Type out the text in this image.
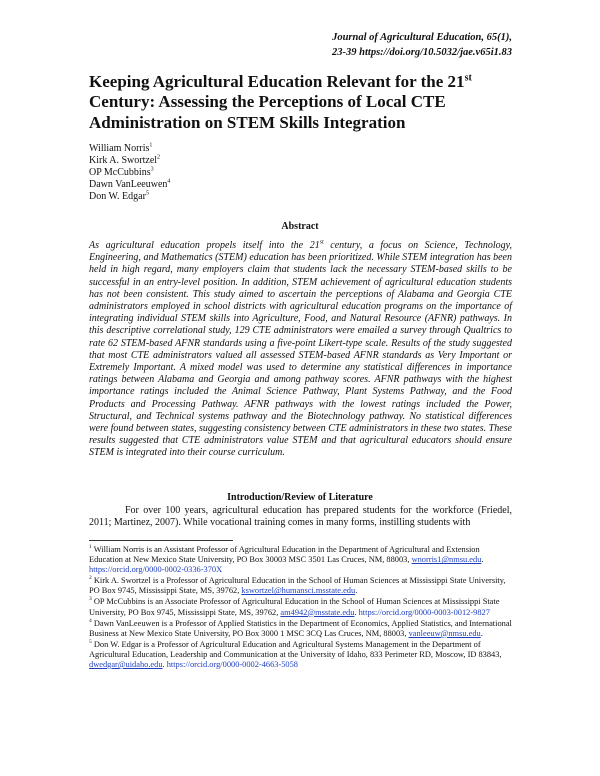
Journal of Agricultural Education, 65(1),
23-39 https://doi.org/10.5032/jae.v65i1.83
Keeping Agricultural Education Relevant for the 21st Century: Assessing the Perceptions of Local CTE Administration on STEM Skills Integration
William Norris$^1$
Kirk A. Swortzel$^2$
OP McCubbins$^3$
Dawn VanLeeuwen$^4$
Don W. Edgar$^5$
Abstract

As agricultural education propels itself into the 21st century, a focus on Science, Technology, Engineering, and Mathematics (STEM) education has been prioritized. While STEM integration has been held in high regard, many employers claim that students lack the necessary STEM-based skills to be successful in an entry-level position. In addition, STEM achievement of agricultural education students has not been consistent. This study aimed to ascertain the perceptions of Alabama and Georgia CTE administrators employed in school districts with agricultural education programs on the importance of integrating individual STEM skills into Agriculture, Food, and Natural Resource (AFNR) pathways. In this descriptive correlational study, 129 CTE administrators were emailed a survey through Qualtrics to rate 62 STEM-based AFNR standards using a five-point Likert-type scale. Results of the study suggested that most CTE administrators valued all assessed STEM-based AFNR standards as Very Important or Extremely Important. A mixed model was used to determine any statistical differences in importance ratings between Alabama and Georgia and among pathway scores. AFNR pathways with the highest importance ratings included the Animal Science Pathway, Plant Systems Pathway, and the Food Products and Processing Pathway. AFNR pathways with the lowest ratings included the Power, Structural, and Technical systems pathway and the Biotechnology pathway. No statistical differences were found between states, suggesting consistency between CTE administrators in these two states. These results suggested that CTE administrators value STEM and that agricultural educators should ensure STEM is integrated into their course curriculum.

Introduction/Review of Literature

For over 100 years, agricultural education has prepared students for the workforce (Friedel, 2011; Martinez, 2007). While vocational training comes in many forms, instilling students with

$^1$ William Norris is an Assistant Professor of Agricultural Education in the Department of Agricultural and Extension Education at New Mexico State University, PO Box 30003 MSC 3501 Las Cruces, NM, 88003, wnorris1@nmsu.edu. https://orcid.org/0000-0002-0336-370X
$^2$ Kirk A. Swortzel is a Professor of Agricultural Education in the School of Human Sciences at Mississippi State University, PO Box 9745, Mississippi State, MS, 39762, kswortzel@humansci.msstate.edu.
$^3$ OP McCubbins is an Associate Professor of Agricultural Education in the School of Human Sciences at Mississippi State University, PO Box 9745, Mississippi State, MS, 39762, am4942@msstate.edu. https://orcid.org/0000-0003-0012-9827
$^4$ Dawn VanLeeuwen is a Professor of Applied Statistics in the Department of Economics, Applied Statistics, and International Business at New Mexico State University, PO Box 3000 1 MSC 3CQ Las Cruces, NM, 88003, vanleeuw@nmsu.edu.
$^5$ Don W. Edgar is a Professor of Agricultural Education and Agricultural Systems Management in the Department of Agricultural Education, Leadership and Communication at the University of Idaho, 833 Perimeter RD, Moscow, ID 83843, dwedgar@uidaho.edu. https://orcid.org/0000-0002-4663-5058
